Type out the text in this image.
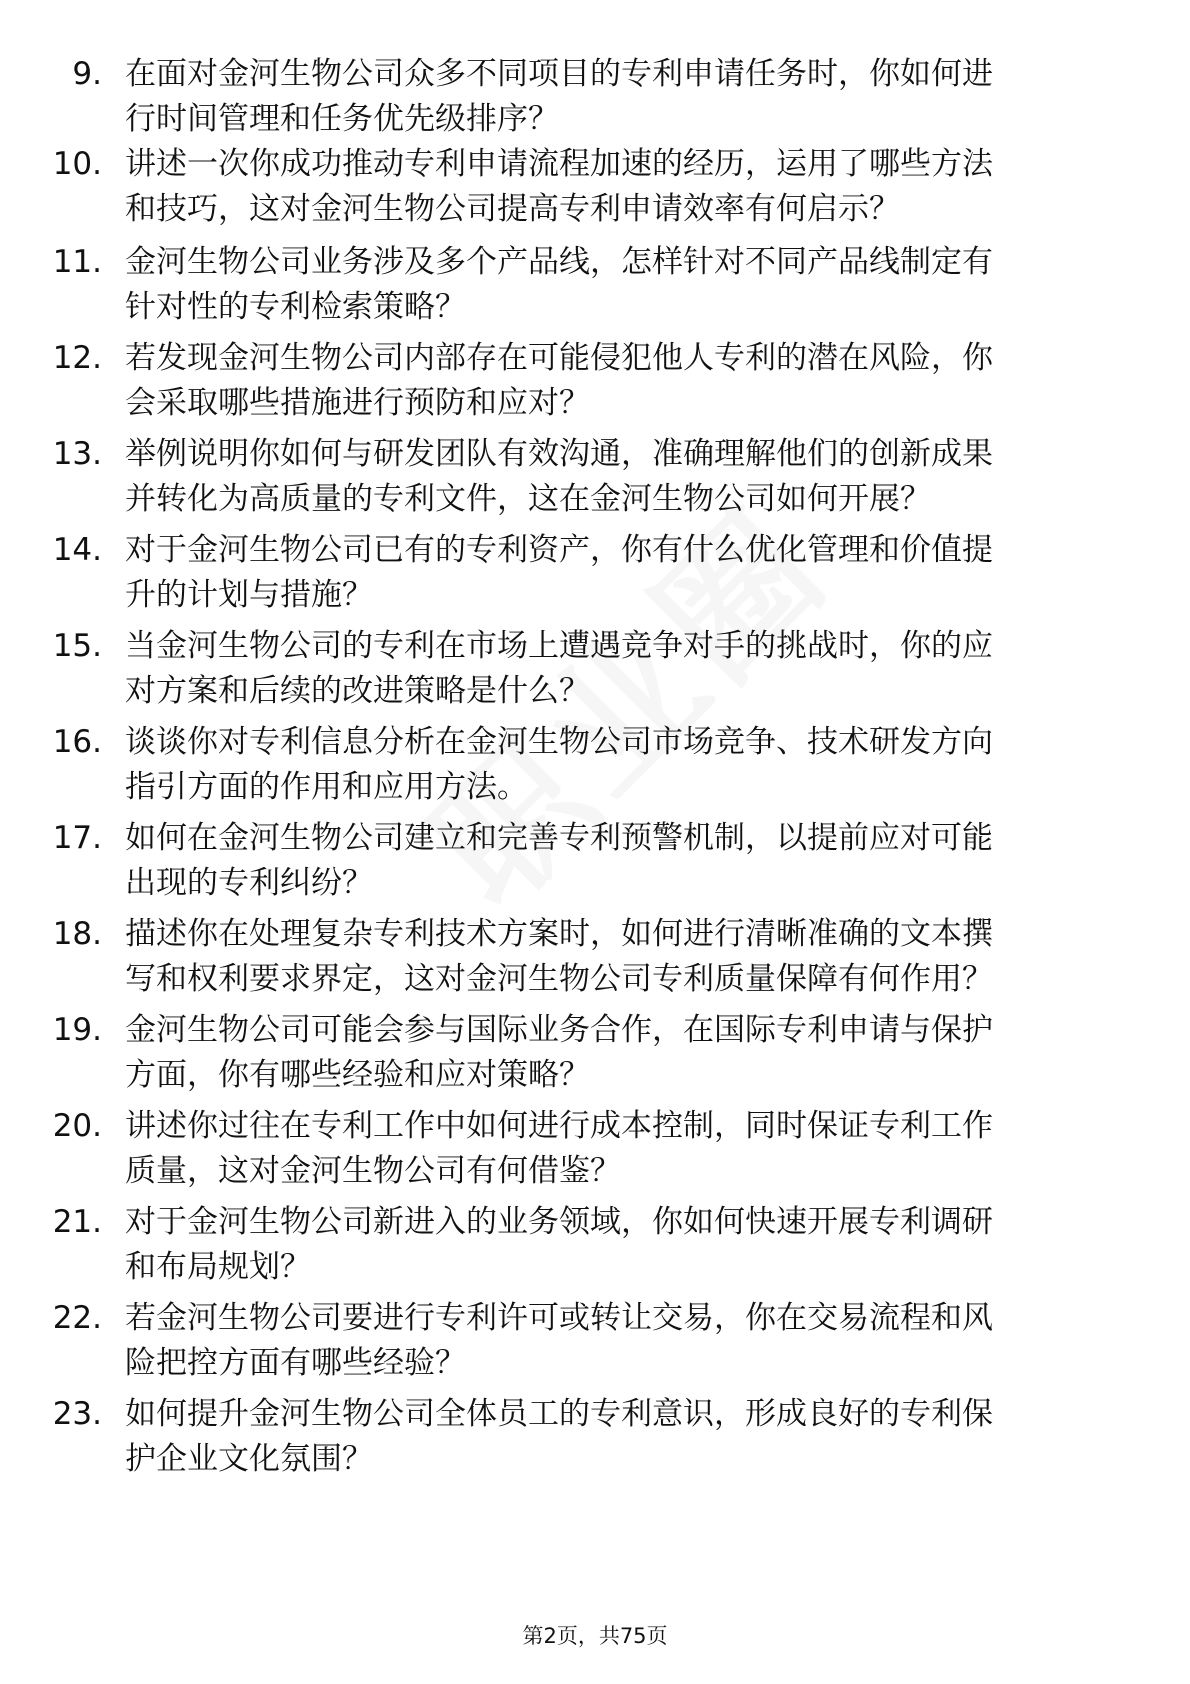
9. 在面对金河生物公司众多不同项目的专利申请任务时，你如何进
行时间管理和任务优先级排序？
10. 讲述一次你成功推动专利申请流程加速的经历，运用了哪些方法
和技巧，这对金河生物公司提高专利申请效率有何启示？
11. 金河生物公司业务涉及多个产品线，怎样针对不同产品线制定有
针对性的专利检索策略？
12. 若发现金河生物公司内部存在可能侵犯他人专利的潜在风险，你
会采取哪些措施进行预防和应对？
13. 举例说明你如何与研发团队有效沟通，准确理解他们的创新成果
并转化为高质量的专利文件，这在金河生物公司如何开展？
14. 对于金河生物公司已有的专利资产，你有什么优化管理和价值提
升的计划与措施？
15. 当金河生物公司的专利在市场上遭遇竞争对手的挑战时，你的应
对方案和后续的改进策略是什么？
16. 谈谈你对专利信息分析在金河生物公司市场竞争、技术研发方向
指引方面的作用和应用方法。
17. 如何在金河生物公司建立和完善专利预警机制，以提前应对可能
出现的专利纠纷？
18. 描述你在处理复杂专利技术方案时，如何进行清晰准确的文本撰
写和权利要求界定，这对金河生物公司专利质量保障有何作用？
19. 金河生物公司可能会参与国际业务合作，在国际专利申请与保护
方面，你有哪些经验和应对策略？
20. 讲述你过往在专利工作中如何进行成本控制，同时保证专利工作
质量，这对金河生物公司有何借鉴？
21. 对于金河生物公司新进入的业务领域，你如何快速开展专利调研
和布局规划？
22. 若金河生物公司要进行专利许可或转让交易，你在交易流程和风
险把控方面有哪些经验？
23. 如何提升金河生物公司全体员工的专利意识，形成良好的专利保
护企业文化氛围？
第2页，共75页
